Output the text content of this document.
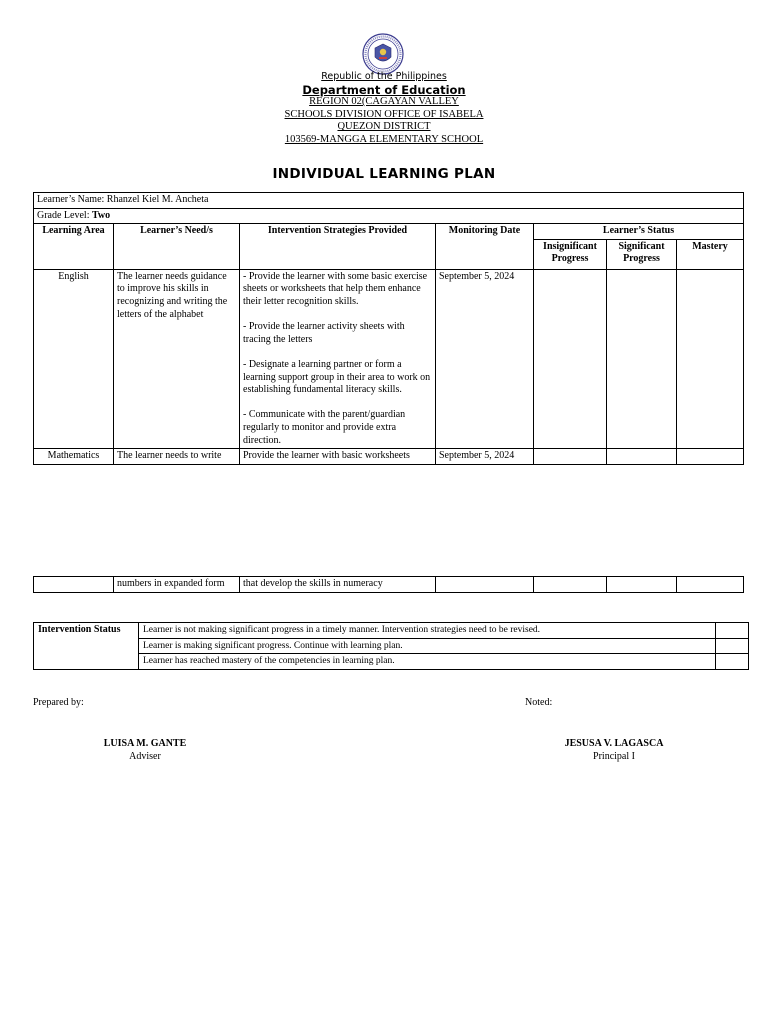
Republic of the Philippines
Department of Education
REGION 02(CAGAYAN VALLEY
SCHOOLS DIVISION OFFICE OF ISABELA
QUEZON DISTRICT
103569-MANGGA ELEMENTARY SCHOOL
INDIVIDUAL LEARNING PLAN
Learner’s Name: Rhanzel Kiel M. Ancheta						
Grade Level: Two						
Learning Area	Learner’s Need/s	Intervention Strategies Provided	Monitoring Date	Learner’s Status		
				Insignificant Progress	Significant Progress	Mastery
English	The learner needs guidance to improve his skills in recognizing and writing the letters of the alphabet	- Provide the learner with some basic exercise sheets or worksheets that help them enhance their letter recognition skills.

- Provide the learner activity sheets with tracing the letters

- Designate a learning partner or form a learning support group in their area to work on establishing fundamental literacy skills.

- Communicate with the parent/guardian regularly to monitor and provide extra direction.	September 5, 2024			
Mathematics	The learner needs to write	Provide the learner with basic worksheets	September 5, 2024			
	numbers in expanded form	that develop the skills in numeracy				
Intervention Status	Learner is not making significant progress in a timely manner. Intervention strategies need to be revised.	
	Learner is making significant progress. Continue with learning plan.	
	Learner has reached mastery of the competencies in learning plan.	
Prepared by:	Noted:
LUISA M. GANTE
Adviser
JESUSA V. LAGASCA
Principal I
